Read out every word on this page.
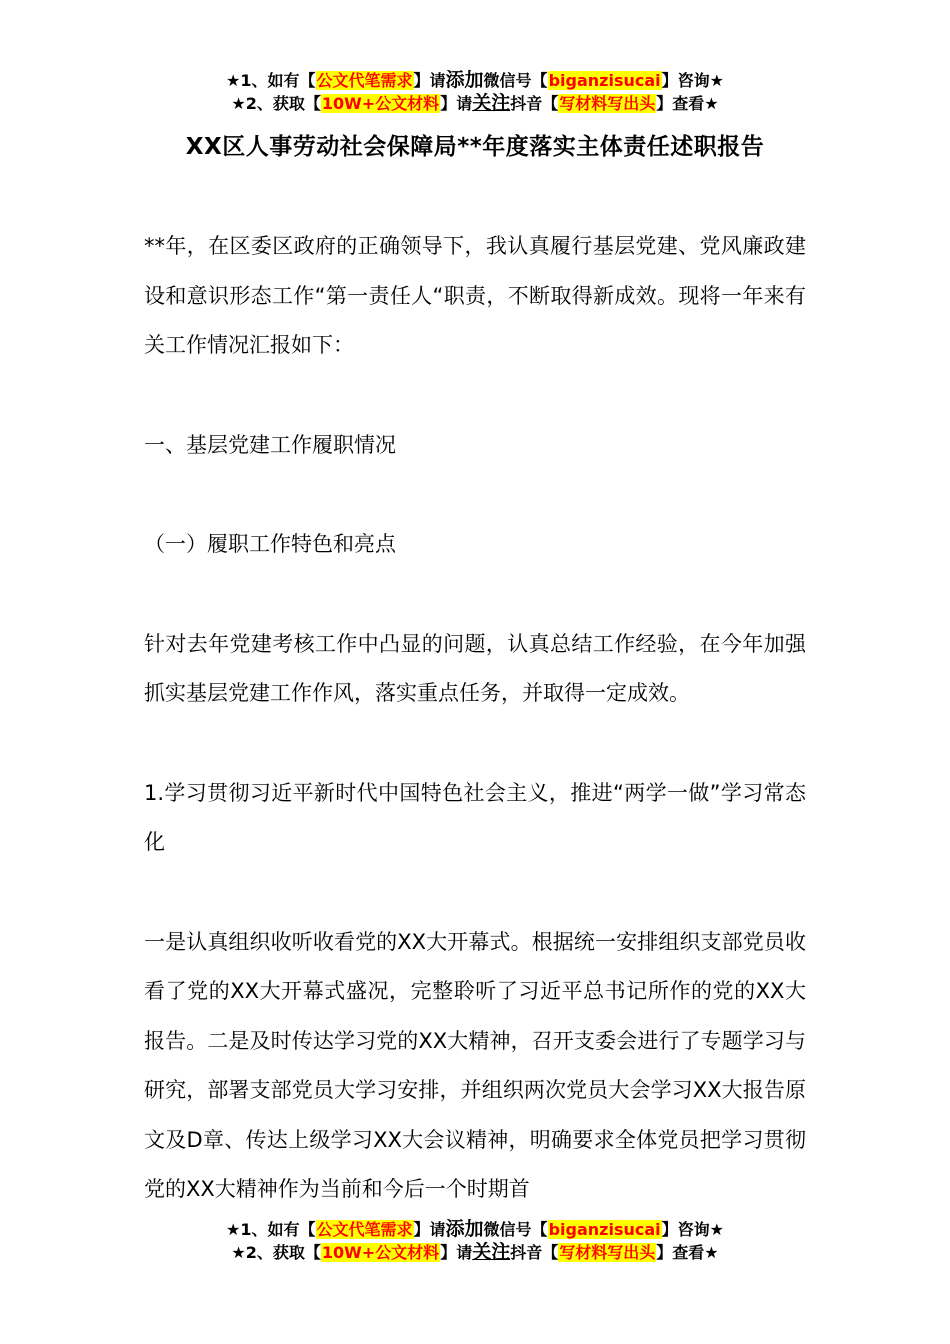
★1、如有【公文代笔需求】请添加微信号【biganzisucai】咨询★
★2、获取【10W+公文材料】请关注抖音【写材料写出头】查看★
XX区人事劳动社会保障局**年度落实主体责任述职报告

**年，在区委区政府的正确领导下，我认真履行基层党建、党风廉政建设和意识形态工作“第一责任人“职责，不断取得新成效。现将一年来有关工作情况汇报如下：

一、基层党建工作履职情况

（一）履职工作特色和亮点

针对去年党建考核工作中凸显的问题，认真总结工作经验，在今年加强抓实基层党建工作作风，落实重点任务，并取得一定成效。

1.学习贯彻习近平新时代中国特色社会主义，推进“两学一做”学习常态化

一是认真组织收听收看党的XX大开幕式。根据统一安排组织支部党员收看了党的XX大开幕式盛况，完整聆听了习近平总书记所作的党的XX大报告。二是及时传达学习党的XX大精神，召开支委会进行了专题学习与研究，部署支部党员大学习安排，并组织两次党员大会学习XX大报告原文及D章、传达上级学习XX大会议精神，明确要求全体党员把学习贯彻党的XX大精神作为当前和今后一个时期首

★1、如有【公文代笔需求】请添加微信号【biganzisucai】咨询★
★2、获取【10W+公文材料】请关注抖音【写材料写出头】查看★
